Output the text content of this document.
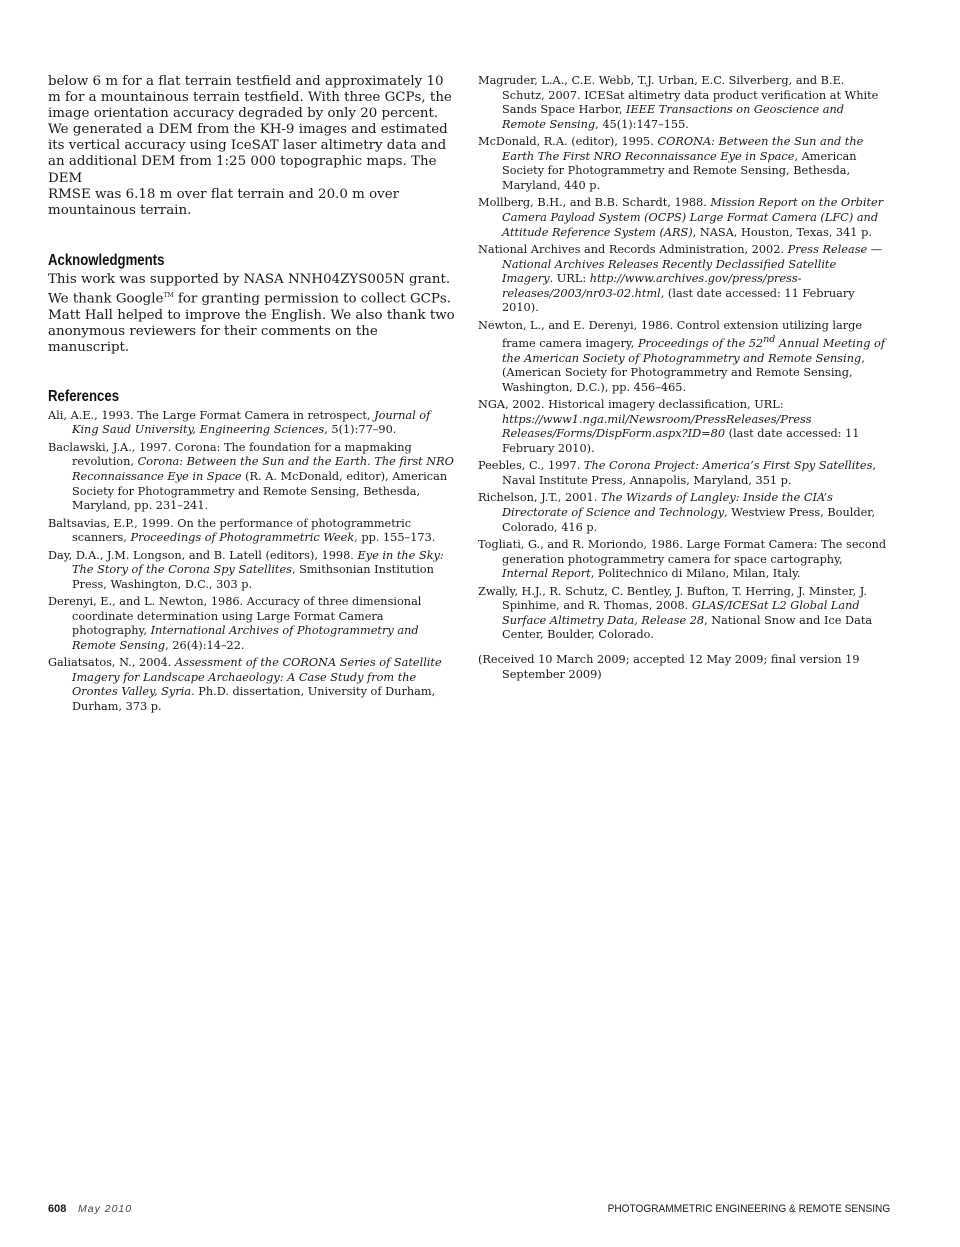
below 6 m for a flat terrain testfield and approximately 10 m for a mountainous terrain testfield. With three GCPs, the image orientation accuracy degraded by only 20 percent. We generated a DEM from the KH-9 images and estimated its vertical accuracy using IceSAT laser altimetry data and an additional DEM from 1:25 000 topographic maps. The DEM
RMSE was 6.18 m over flat terrain and 20.0 m over mountainous terrain.

Acknowledgments

This work was supported by NASA NNH04ZYS005N grant. We thank Google™ for granting permission to collect GCPs. Matt Hall helped to improve the English. We also thank two anonymous reviewers for their comments on the manuscript.

References
Ali, A.E., 1993. The Large Format Camera in retrospect, Journal of King Saud University, Engineering Sciences, 5(1):77–90.
Baclawski, J.A., 1997. Corona: The foundation for a mapmaking revolution, Corona: Between the Sun and the Earth. The first NRO Reconnaissance Eye in Space (R. A. McDonald, editor), American Society for Photogrammetry and Remote Sensing, Bethesda, Maryland, pp. 231–241.
Baltsavias, E.P., 1999. On the performance of photogrammetric scanners, Proceedings of Photogrammetric Week, pp. 155–173.
Day, D.A., J.M. Longson, and B. Latell (editors), 1998. Eye in the Sky: The Story of the Corona Spy Satellites, Smithsonian Institution Press, Washington, D.C., 303 p.
Derenyi, E., and L. Newton, 1986. Accuracy of three dimensional coordinate determination using Large Format Camera photography, International Archives of Photogrammetry and Remote Sensing, 26(4):14–22.
Galiatsatos, N., 2004. Assessment of the CORONA Series of Satellite Imagery for Landscape Archaeology: A Case Study from the Orontes Valley, Syria. Ph.D. dissertation, University of Durham, Durham, 373 p.
Magruder, L.A., C.E. Webb, T.J. Urban, E.C. Silverberg, and B.E. Schutz, 2007. ICESat altimetry data product verification at White Sands Space Harbor, IEEE Transactions on Geoscience and Remote Sensing, 45(1):147–155.
McDonald, R.A. (editor), 1995. CORONA: Between the Sun and the Earth The First NRO Reconnaissance Eye in Space, American Society for Photogrammetry and Remote Sensing, Bethesda, Maryland, 440 p.
Mollberg, B.H., and B.B. Schardt, 1988. Mission Report on the Orbiter Camera Payload System (OCPS) Large Format Camera (LFC) and Attitude Reference System (ARS), NASA, Houston, Texas, 341 p.
National Archives and Records Administration, 2002. Press Release — National Archives Releases Recently Declassified Satellite Imagery. URL: http://www.archives.gov/press/press-releases/2003/nr03-02.html, (last date accessed: 11 February 2010).
Newton, L., and E. Derenyi, 1986. Control extension utilizing large frame camera imagery, Proceedings of the 52nd Annual Meeting of the American Society of Photogrammetry and Remote Sensing, (American Society for Photogrammetry and Remote Sensing, Washington, D.C.), pp. 456–465.
NGA, 2002. Historical imagery declassification, URL: https://www1.nga.mil/Newsroom/PressReleases/Press Releases/Forms/DispForm.aspx?ID=80 (last date accessed: 11 February 2010).
Peebles, C., 1997. The Corona Project: America’s First Spy Satellites, Naval Institute Press, Annapolis, Maryland, 351 p.
Richelson, J.T., 2001. The Wizards of Langley: Inside the CIA’s Directorate of Science and Technology, Westview Press, Boulder, Colorado, 416 p.
Togliati, G., and R. Moriondo, 1986. Large Format Camera: The second generation photogrammetry camera for space cartography, Internal Report, Politechnico di Milano, Milan, Italy.
Zwally, H.J., R. Schutz, C. Bentley, J. Bufton, T. Herring, J. Minster, J. Spinhime, and R. Thomas, 2008. GLAS/ICESat L2 Global Land Surface Altimetry Data, Release 28, National Snow and Ice Data Center, Boulder, Colorado.

(Received 10 March 2009; accepted 12 May 2009; final version 19 September 2009)

608 May 2010	PHOTOGRAMMETRIC ENGINEERING & REMOTE SENSING
